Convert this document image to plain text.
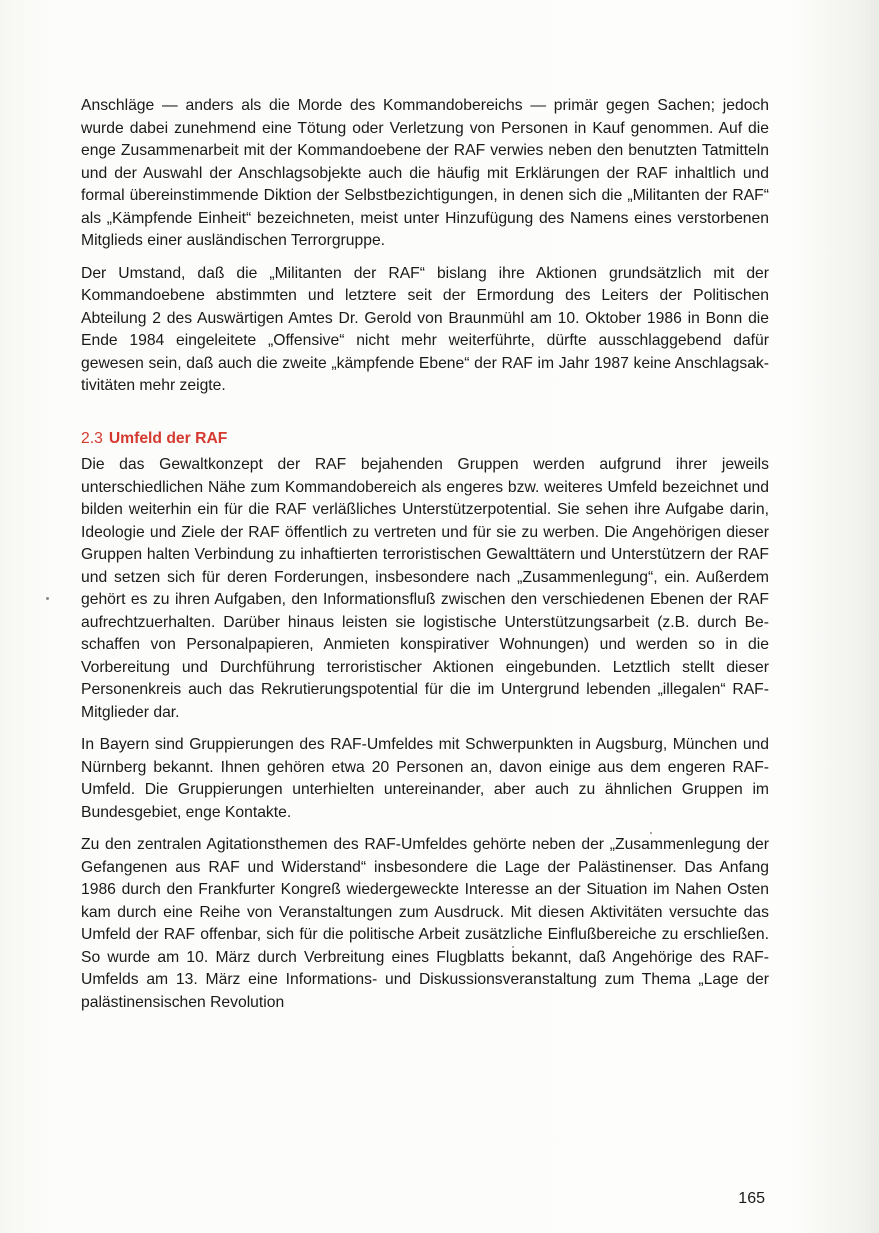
Anschläge — anders als die Morde des Kommandobereichs — primär gegen Sachen; jedoch wurde dabei zunehmend eine Tötung oder Verletzung von Personen in Kauf genommen. Auf die enge Zusammenarbeit mit der Kommandoebene der RAF verwies neben den benutzten Tatmitteln und der Auswahl der Anschlagsobjekte auch die häufig mit Erklärungen der RAF inhaltlich und formal übereinstimmende Diktion der Selbstbezichtigungen, in denen sich die „Militanten der RAF“ als „Kämpfende Einheit“ bezeichneten, meist unter Hinzufügung des Namens eines verstorbenen Mitglieds einer ausländischen Terrorgruppe.

Der Umstand, daß die „Militanten der RAF“ bislang ihre Aktionen grundsätzlich mit der Kommandoebene abstimmten und letztere seit der Ermordung des Leiters der Politischen Abteilung 2 des Auswärtigen Amtes Dr. Gerold von Braunmühl am 10. Oktober 1986 in Bonn die Ende 1984 eingeleitete „Offensive“ nicht mehr weiterführte, dürfte ausschlaggebend dafür gewesen sein, daß auch die zweite „kämpfende Ebene“ der RAF im Jahr 1987 keine Anschlagsaktivitäten mehr zeigte.

2.3 Umfeld der RAF

Die das Gewaltkonzept der RAF bejahenden Gruppen werden aufgrund ihrer jeweils unterschiedlichen Nähe zum Kommandobereich als engeres bzw. weiteres Umfeld bezeichnet und bilden weiterhin ein für die RAF verläßliches Unterstützerpotential. Sie sehen ihre Aufgabe darin, Ideologie und Ziele der RAF öffentlich zu vertreten und für sie zu werben. Die Angehörigen dieser Gruppen halten Verbindung zu inhaftierten terroristischen Gewalttätern und Unterstützern der RAF und setzen sich für deren Forderungen, insbesondere nach „Zusammenlegung“, ein. Außerdem gehört es zu ihren Aufgaben, den Informationsfluß zwischen den verschiedenen Ebenen der RAF aufrechtzuerhalten. Darüber hinaus leisten sie logistische Unterstützungsarbeit (z.B. durch Beschaffen von Personalpapieren, Anmieten konspirativer Wohnungen) und werden so in die Vorbereitung und Durchführung terroristischer Aktionen eingebunden. Letztlich stellt dieser Personenkreis auch das Rekrutierungspotential für die im Untergrund lebenden „illegalen“ RAF-Mitglieder dar.

In Bayern sind Gruppierungen des RAF-Umfeldes mit Schwerpunkten in Augsburg, München und Nürnberg bekannt. Ihnen gehören etwa 20 Personen an, davon einige aus dem engeren RAF-Umfeld. Die Gruppierungen unterhielten untereinander, aber auch zu ähnlichen Gruppen im Bundesgebiet, enge Kontakte.

Zu den zentralen Agitationsthemen des RAF-Umfeldes gehörte neben der „Zusammenlegung der Gefangenen aus RAF und Widerstand“ insbesondere die Lage der Palästinenser. Das Anfang 1986 durch den Frankfurter Kongreß wiedergeweckte Interesse an der Situation im Nahen Osten kam durch eine Reihe von Veranstaltungen zum Ausdruck. Mit diesen Aktivitäten versuchte das Umfeld der RAF offenbar, sich für die politische Arbeit zusätzliche Einflußbereiche zu erschließen. So wurde am 10. März durch Verbreitung eines Flugblatts bekannt, daß Angehörige des RAF-Umfelds am 13. März eine Informations- und Diskussionsveranstaltung zum Thema „Lage der palästinensischen Revolution

165
